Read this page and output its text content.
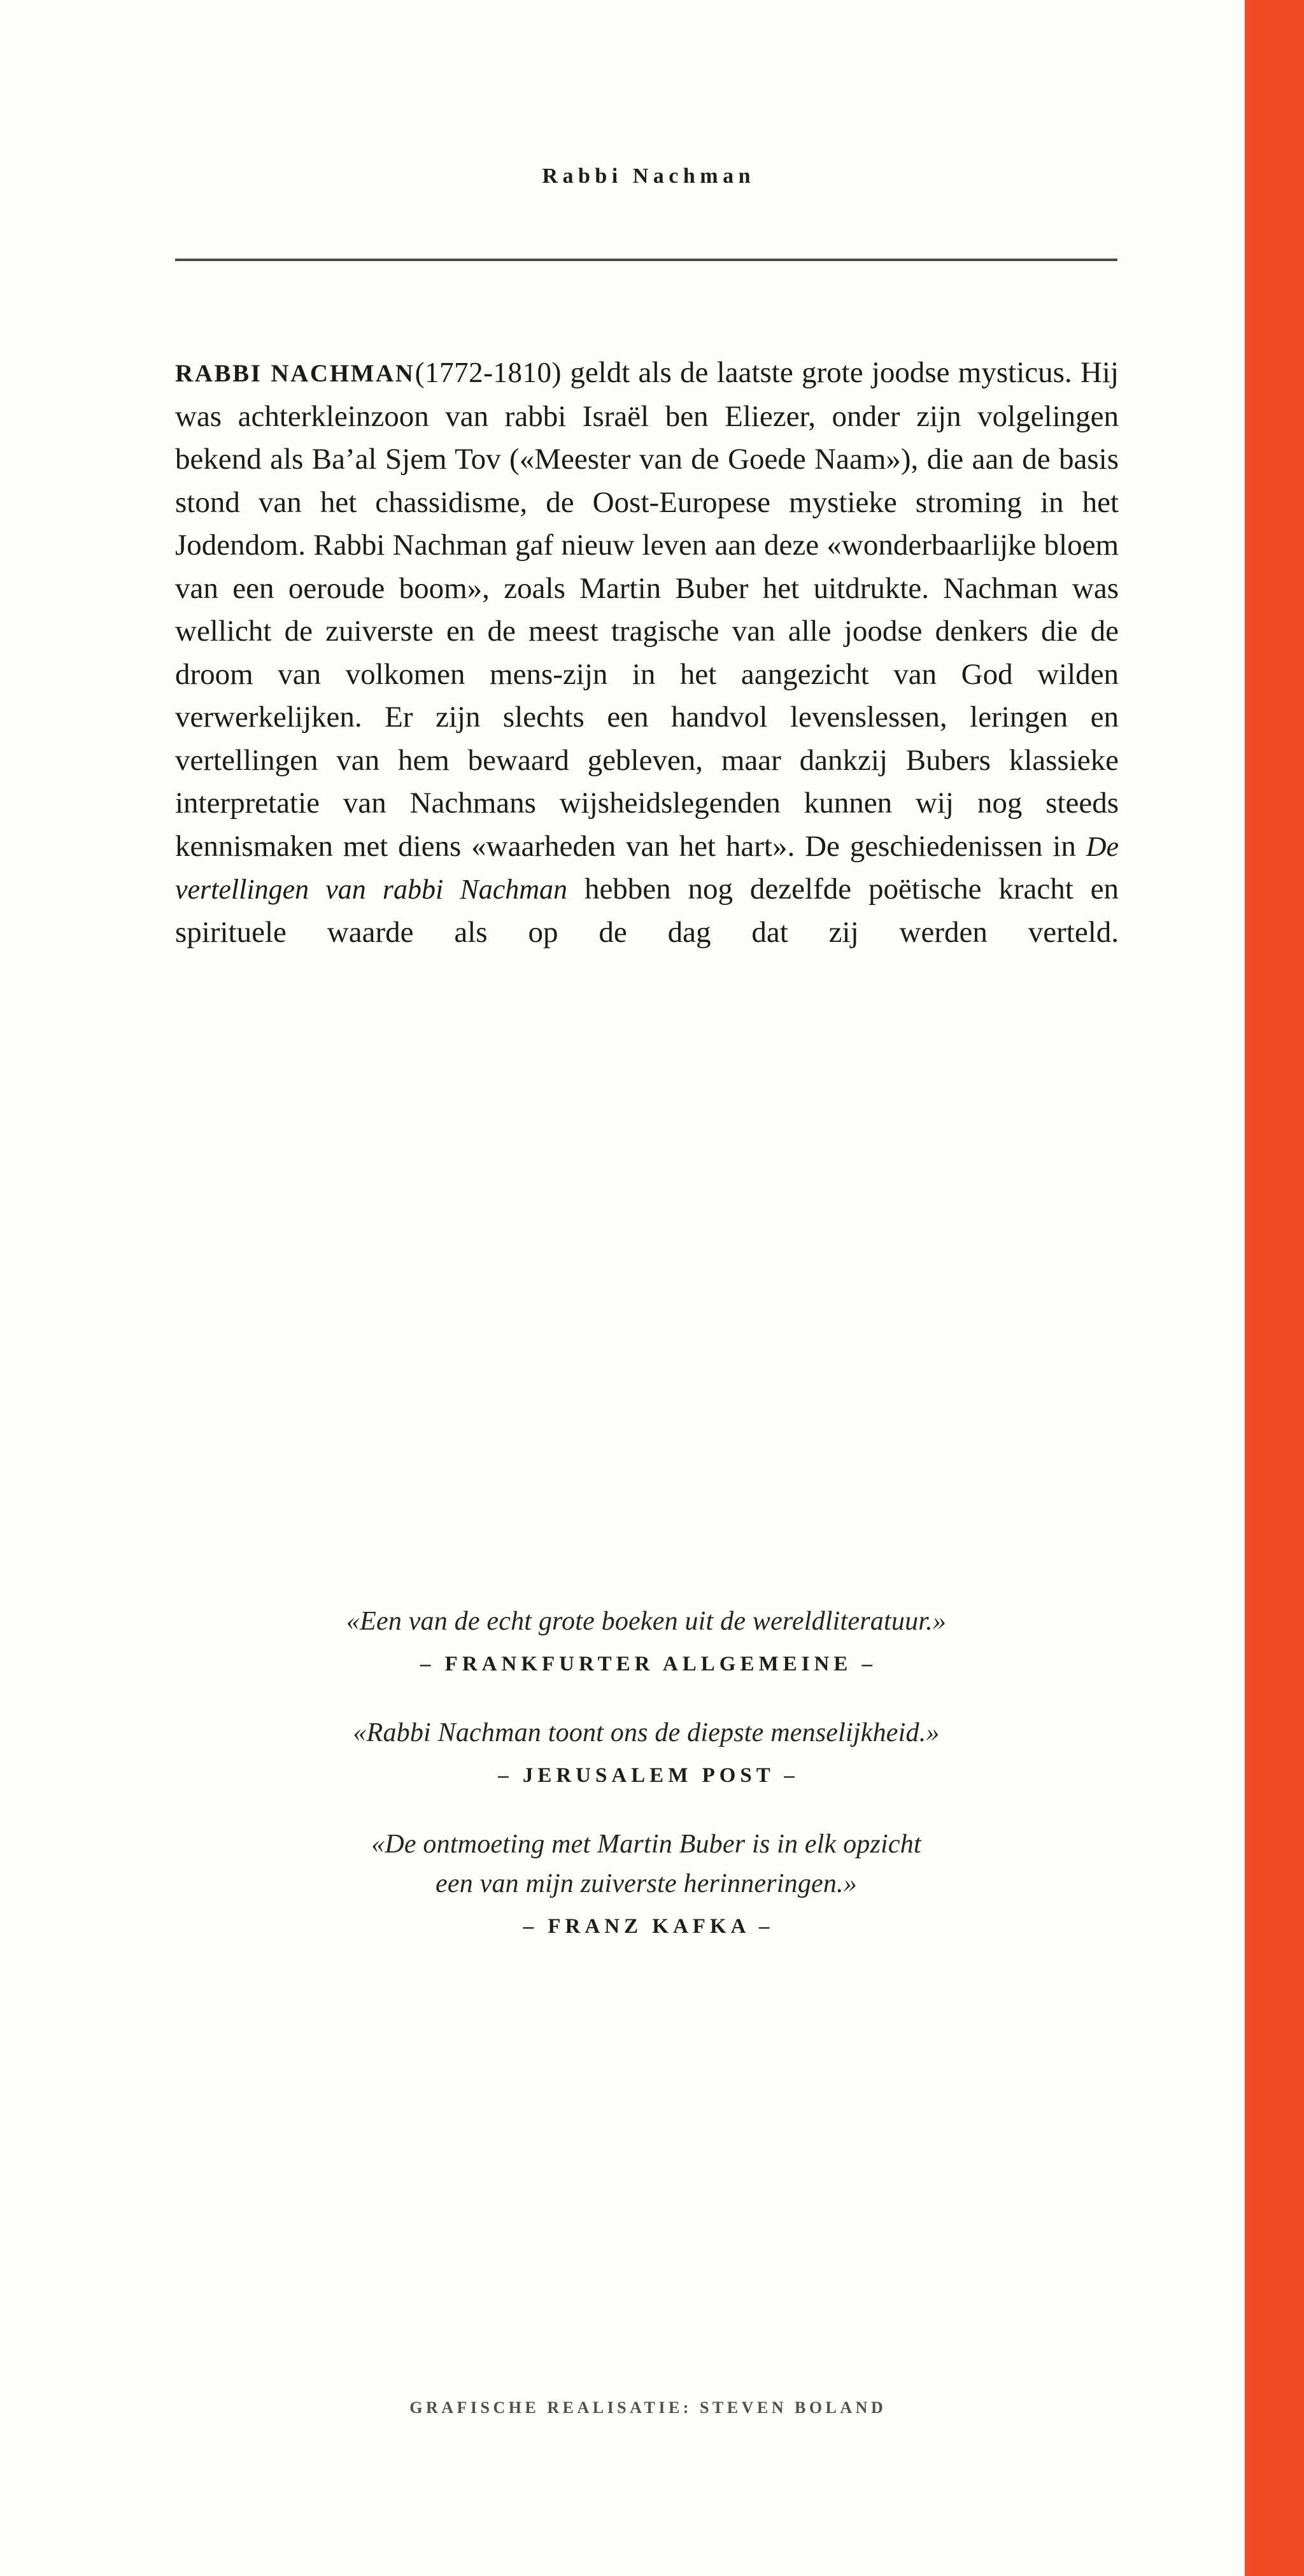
Rabbi Nachman

RABBI NACHMAN(1772-1810) geldt als de laatste grote joodse mysticus. Hij was achterkleinzoon van rabbi Israël ben Eliezer, onder zijn volgelingen bekend als Ba’al Sjem Tov («Meester van de Goede Naam»), die aan de basis stond van het chassidisme, de Oost-Europese mystieke stroming in het Jodendom. Rabbi Nachman gaf nieuw leven aan deze «wonderbaarlijke bloem van een oeroude boom», zoals Martin Buber het uitdrukte. Nachman was wellicht de zuiverste en de meest tragische van alle joodse denkers die de droom van volkomen mens-zijn in het aangezicht van God wilden verwerkelijken. Er zijn slechts een handvol levenslessen, leringen en vertellingen van hem bewaard gebleven, maar dankzij Bubers klassieke interpretatie van Nachmans wijsheidslegenden kunnen wij nog steeds kennismaken met diens «waarheden van het hart». De geschiedenissen in De vertellingen van rabbi Nachman hebben nog dezelfde poëtische kracht en spirituele waarde als op de dag dat zij werden verteld.

«Een van de echt grote boeken uit de wereldliteratuur.»
– FRANKFURTER ALLGEMEINE –
«Rabbi Nachman toont ons de diepste menselijkheid.»
– JERUSALEM POST –
«De ontmoeting met Martin Buber is in elk opzicht
een van mijn zuiverste herinneringen.»
– FRANZ KAFKA –
GRAFISCHE REALISATIE: STEVEN BOLAND
